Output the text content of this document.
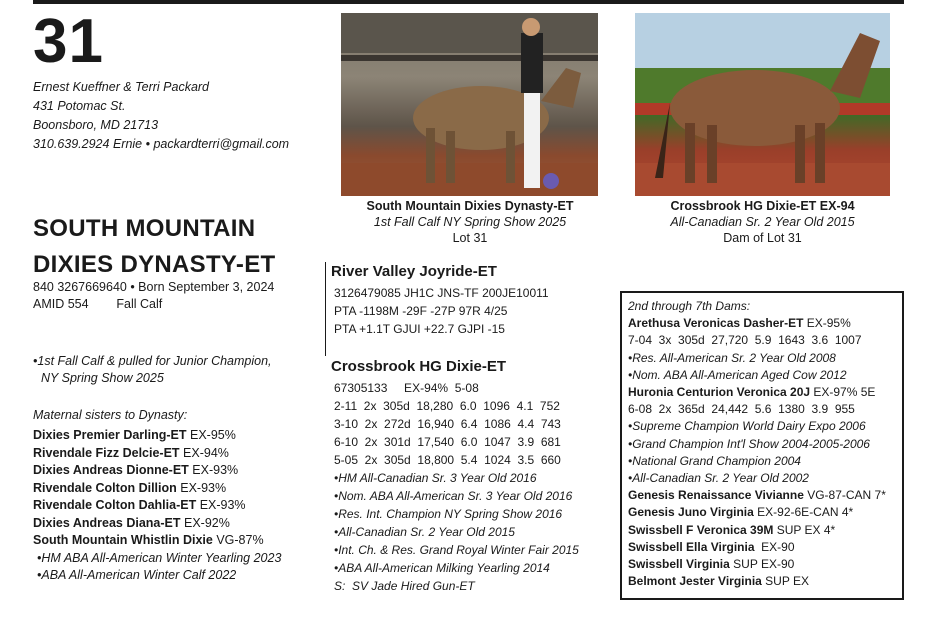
31
Ernest Kueffner & Terri Packard
431 Potomac St.
Boonsboro, MD 21713
310.639.2924 Ernie • packardterri@gmail.com
South Mountain Dixies Dynasty-ET
1st Fall Calf NY Spring Show 2025
Lot 31
Crossbrook HG Dixie-ET EX-94
All-Canadian Sr. 2 Year Old 2015
Dam of Lot 31
SOUTH MOUNTAIN
DIXIES DYNASTY-ET
840 3267669640 • Born September 3, 2024
AMID 554        Fall Calf
•1st Fall Calf & pulled for Junior Champion,
NY Spring Show 2025
Maternal sisters to Dynasty:
Dixies Premier Darling-ET EX-95%
Rivendale Fizz Delcie-ET EX-94%
Dixies Andreas Dionne-ET EX-93%
Rivendale Colton Dillion EX-93%
Rivendale Colton Dahlia-ET EX-93%
Dixies Andreas Diana-ET EX-92%
South Mountain Whistlin Dixie VG-87%
•HM ABA All-American Winter Yearling 2023
•ABA All-American Winter Calf 2022
River Valley Joyride-ET
3126479085 JH1C JNS-TF 200JE10011
PTA -1198M -29F -27P 97R 4/25
PTA +1.1T GJUI +22.7 GJPI -15
Crossbrook HG Dixie-ET
67305133     EX-94%  5-08
2-11  2x  305d  18,280  6.0  1096  4.1  752
3-10  2x  272d  16,940  6.4  1086  4.4  743
6-10  2x  301d  17,540  6.0  1047  3.9  681
5-05  2x  305d  18,800  5.4  1024  3.5  660
•HM All-Canadian Sr. 3 Year Old 2016
•Nom. ABA All-American Sr. 3 Year Old 2016
•Res. Int. Champion NY Spring Show 2016
•All-Canadian Sr. 2 Year Old 2015
•Int. Ch. & Res. Grand Royal Winter Fair 2015
•ABA All-American Milking Yearling 2014
S:  SV Jade Hired Gun-ET
2nd through 7th Dams:
Arethusa Veronicas Dasher-ET EX-95%
7-04  3x  305d  27,720  5.9  1643  3.6  1007
•Res. All-American Sr. 2 Year Old 2008
•Nom. ABA All-American Aged Cow 2012
Huronia Centurion Veronica 20J EX-97% 5E
6-08  2x  365d  24,442  5.6  1380  3.9  955
•Supreme Champion World Dairy Expo 2006
•Grand Champion Int'l Show 2004-2005-2006
•National Grand Champion 2004
•All-Canadian Sr. 2 Year Old 2002
Genesis Renaissance Vivianne VG-87-CAN 7*
Genesis Juno Virginia EX-92-6E-CAN 4*
Swissbell F Veronica 39M SUP EX 4*
Swissbell Ella Virginia  EX-90
Swissbell Virginia SUP EX-90
Belmont Jester Virginia SUP EX
